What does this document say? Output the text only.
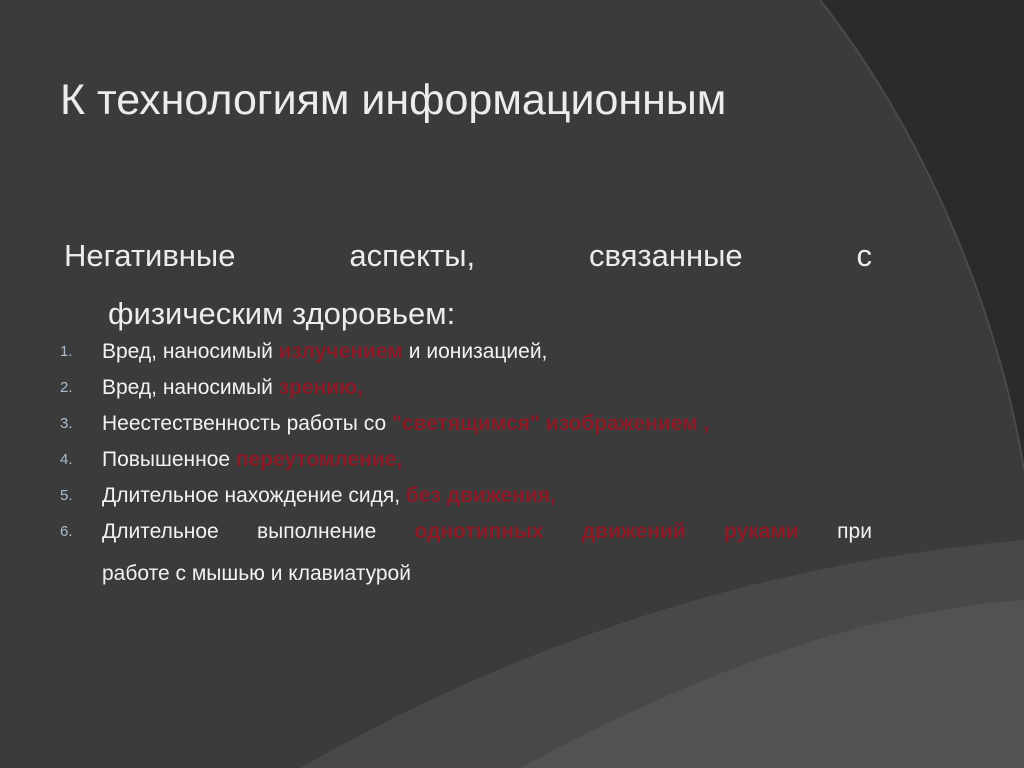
К технологиям информационным
Негативные	аспекты,	связанные	с
физическим здоровьем:
1.	Вред, наносимый излучением и ионизацией,
2.	Вред, наносимый зрению,
3.	Неестественность работы со "светящимся" изображением ,
4.	Повышенное переутомление,
5.	Длительное нахождение сидя, без движения,
6. Длительное выполнение однотипных движений руками при
работе с мышью и клавиатурой
